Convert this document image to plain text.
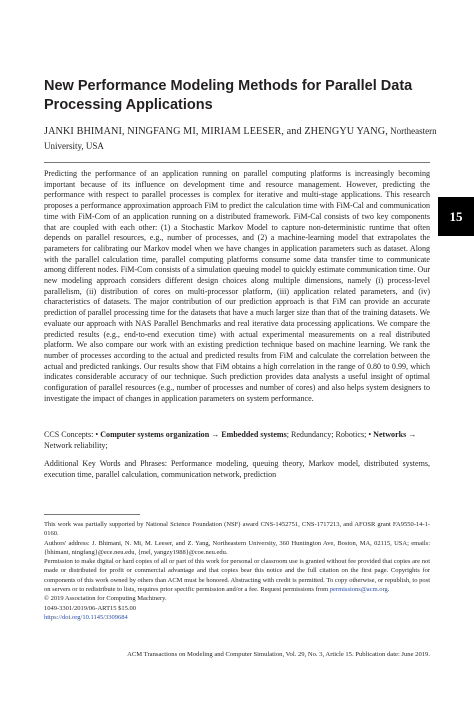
New Performance Modeling Methods for Parallel Data Processing Applications
JANKI BHIMANI, NINGFANG MI, MIRIAM LEESER, and ZHENGYU YANG, Northeastern University, USA
Predicting the performance of an application running on parallel computing platforms is increasingly becoming important because of its influence on development time and resource management. However, predicting the performance with respect to parallel processes is complex for iterative and multi-stage applications. This research proposes a performance approximation approach FiM to predict the calculation time with FiM-Cal and communication time with FiM-Com of an application running on a distributed framework. FiM-Cal consists of two key components that are coupled with each other: (1) a Stochastic Markov Model to capture non-deterministic runtime that often depends on parallel resources, e.g., number of processes, and (2) a machine-learning model that extrapolates the parameters for calibrating our Markov model when we have changes in application parameters such as dataset. Along with the parallel calculation time, parallel computing platforms consume some data transfer time to communicate among different nodes. FiM-Com consists of a simulation queuing model to quickly estimate communication time. Our new modeling approach considers different design choices along multiple dimensions, namely (i) process-level parallelism, (ii) distribution of cores on multi-processor platform, (iii) application related parameters, and (iv) characteristics of datasets. The major contribution of our prediction approach is that FiM can provide an accurate prediction of parallel processing time for the datasets that have a much larger size than that of the training datasets. We evaluate our approach with NAS Parallel Benchmarks and real iterative data processing applications. We compare the predicted results (e.g., end-to-end execution time) with actual experimental measurements on a real distributed platform. We also compare our work with an existing prediction technique based on machine learning. We rank the number of processes according to the actual and predicted results from FiM and calculate the correlation between the actual and predicted rankings. Our results show that FiM obtains a high correlation in the range of 0.80 to 0.99, which indicates considerable accuracy of our technique. Such prediction provides data analysts a useful insight of optimal configuration of parallel resources (e.g., number of processes and number of cores) and also helps system designers to investigate the impact of changes in application parameters on system performance.
CCS Concepts: • Computer systems organization → Embedded systems; Redundancy; Robotics; • Networks → Network reliability;
Additional Key Words and Phrases: Performance modeling, queuing theory, Markov model, distributed systems, execution time, parallel calculation, communication network, prediction
15

This work was partially supported by National Science Foundation (NSF) award CNS-1452751, CNS-1717213, and AFOSR grant FA9550-14-1-0160.

Authors' address: J. Bhimani, N. Mi, M. Leeser, and Z. Yang, Northeastern University, 360 Huntington Ave, Boston, MA, 02115, USA; emails: {bhimani, ningfang}@ece.neu.edu, {mel, yangzy1988}@coe.neu.edu.

Permission to make digital or hard copies of all or part of this work for personal or classroom use is granted without fee provided that copies are not made or distributed for profit or commercial advantage and that copies bear this notice and the full citation on the first page. Copyrights for components of this work owned by others than ACM must be honored. Abstracting with credit is permitted. To copy otherwise, or republish, to post on servers or to redistribute to lists, requires prior specific permission and/or a fee. Request permissions from permissions@acm.org.

© 2019 Association for Computing Machinery.

1049-3301/2019/06-ART15 $15.00

https://doi.org/10.1145/3309684

ACM Transactions on Modeling and Computer Simulation, Vol. 29, No. 3, Article 15. Publication date: June 2019.
